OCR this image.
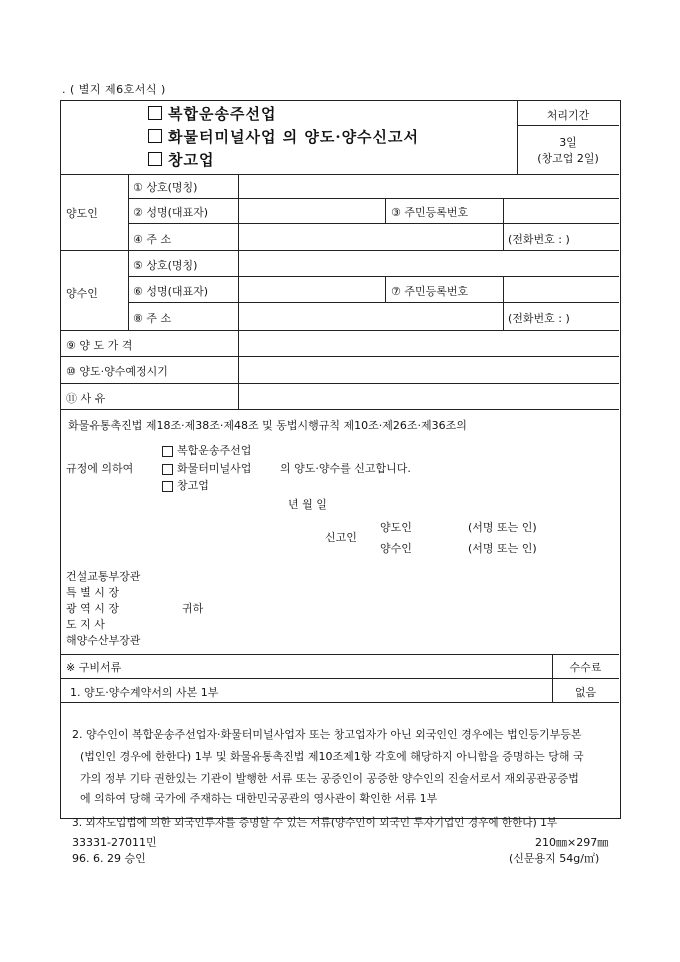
. ( 별지 제6호서식 )
복합운송주선업
화물터미널사업 의 양도·양수신고서
창고업
처리기간
3일
(창고업 2일)
양도인
① 상호(명칭)
② 성명(대표자)	③ 주민등록번호
④ 주 소	(전화번호 : )
양수인
⑤ 상호(명칭)
⑥ 성명(대표자)	⑦ 주민등록번호
⑧ 주 소	(전화번호 : )
⑨ 양 도 가 격
⑩ 양도·양수예정시기
⑪ 사 유
화물유통촉진법 제18조·제38조·제48조 및 동법시행규칙 제10조·제26조·제36조의
복합운송주선업
규정에 의하여	화물터미널사업	의 양도·양수를 신고합니다.
창고업
년 월 일
신고인
양도인	(서명 또는 인)
양수인	(서명 또는 인)
건설교통부장관
특 별 시 장
광 역 시 장	귀하
도 지 사
해양수산부장관
※ 구비서류	수수료
1. 양도·양수계약서의 사본 1부	없음
2. 양수인이 복합운송주선업자·화물터미널사업자 또는 창고업자가 아닌 외국인인 경우에는 법인등기부등본
(법인인 경우에 한한다) 1부 및 화물유통촉진법 제10조제1항 각호에 해당하지 아니함을 증명하는 당해 국
가의 정부 기타 권한있는 기관이 발행한 서류 또는 공증인이 공증한 양수인의 진술서로서 재외공관공증법
에 의하여 당해 국가에 주재하는 대한민국공관의 영사관이 확인한 서류 1부
3. 외자도입법에 의한 외국인투자를 증명할 수 있는 서류(양수인이 외국인 투자기업인 경우에 한한다) 1부
33331-27011민
96. 6. 29 승인
210㎜×297㎜
(신문용지 54g/㎡)
